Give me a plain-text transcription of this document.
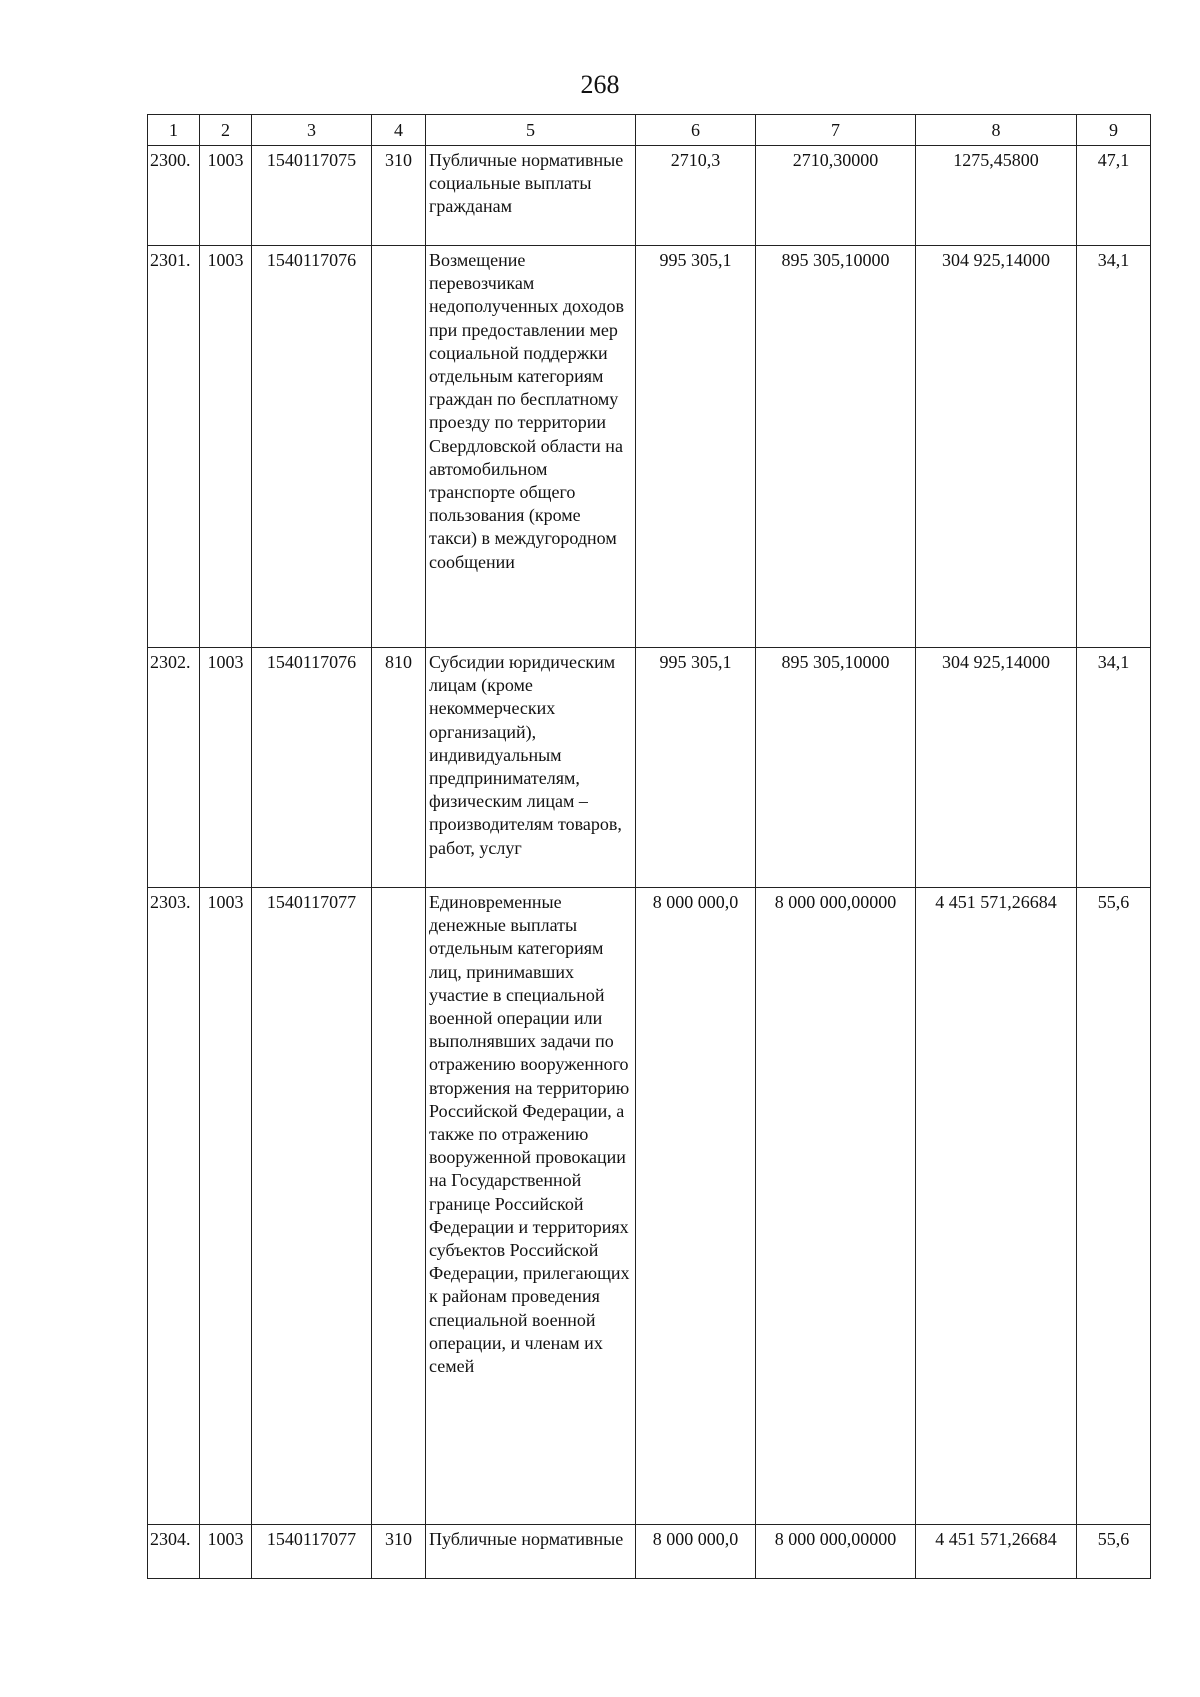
268
1	2	3	4	5	6	7	8	9
2300.	1003	1540117075	310	Публичные нормативные социальные выплаты гражданам	2710,3	2710,30000	1275,45800	47,1
2301.	1003	1540117076		Возмещение перевозчикам недополученных доходов при предоставлении мер социальной поддержки отдельным категориям граждан по бесплатному проезду по территории Свердловской области на автомобильном транспорте общего пользования (кроме такси) в междугородном сообщении	995 305,1	895 305,10000	304 925,14000	34,1
2302.	1003	1540117076	810	Субсидии юридическим лицам (кроме некоммерческих организаций), индивидуальным предпринимателям, физическим лицам – производителям товаров, работ, услуг	995 305,1	895 305,10000	304 925,14000	34,1
2303.	1003	1540117077		Единовременные денежные выплаты отдельным категориям лиц, принимавших участие в специальной военной операции или выполнявших задачи по отражению вооруженного вторжения на территорию Российской Федерации, а также по отражению вооруженной провокации на Государственной границе Российской Федерации и территориях субъектов Российской Федерации, прилегающих к районам проведения специальной военной операции, и членам их семей	8 000 000,0	8 000 000,00000	4 451 571,26684	55,6
2304.	1003	1540117077	310	Публичные нормативные	8 000 000,0	8 000 000,00000	4 451 571,26684	55,6
